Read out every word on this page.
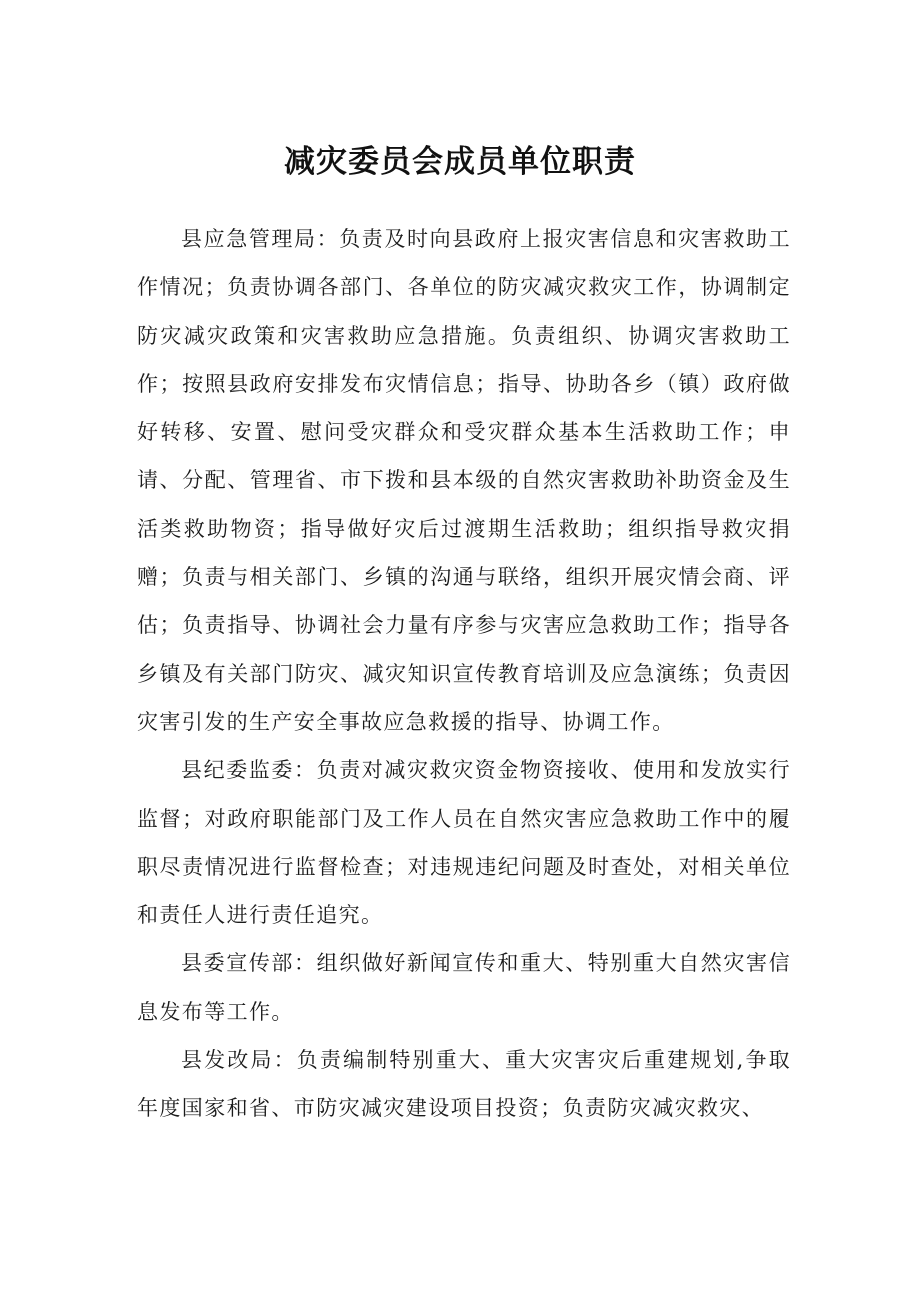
减灾委员会成员单位职责

县应急管理局：负责及时向县政府上报灾害信息和灾害救助工作情况；负责协调各部门、各单位的防灾减灾救灾工作，协调制定防灾减灾政策和灾害救助应急措施。负责组织、协调灾害救助工作；按照县政府安排发布灾情信息；指导、协助各乡（镇）政府做好转移、安置、慰问受灾群众和受灾群众基本生活救助工作；申请、分配、管理省、市下拨和县本级的自然灾害救助补助资金及生活类救助物资；指导做好灾后过渡期生活救助；组织指导救灾捐赠；负责与相关部门、乡镇的沟通与联络，组织开展灾情会商、评估；负责指导、协调社会力量有序参与灾害应急救助工作；指导各乡镇及有关部门防灾、减灾知识宣传教育培训及应急演练；负责因灾害引发的生产安全事故应急救援的指导、协调工作。

县纪委监委：负责对减灾救灾资金物资接收、使用和发放实行监督；对政府职能部门及工作人员在自然灾害应急救助工作中的履职尽责情况进行监督检查；对违规违纪问题及时查处，对相关单位和责任人进行责任追究。

县委宣传部：组织做好新闻宣传和重大、特别重大自然灾害信息发布等工作。

县发改局：负责编制特别重大、重大灾害灾后重建规划,争取年度国家和省、市防灾减灾建设项目投资；负责防灾减灾救灾、
